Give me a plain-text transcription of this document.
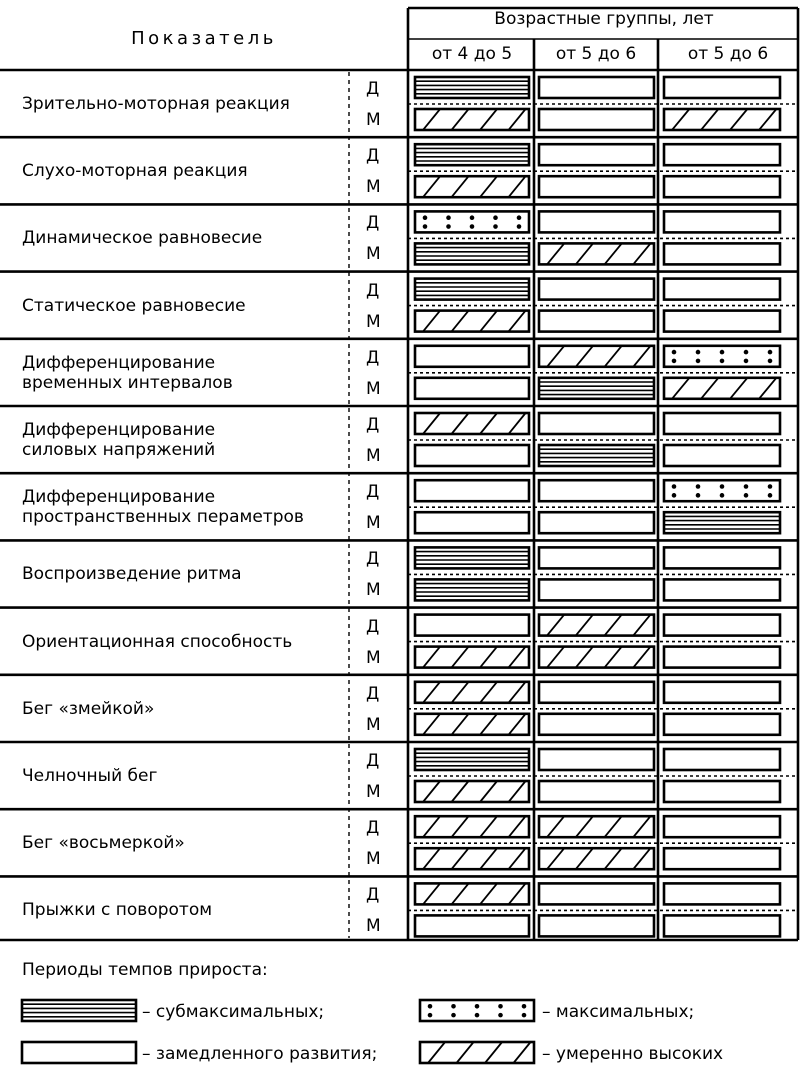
Показатель
Возрастные группы, лет
от 4 до 5	от 5 до 6	от 5 до 6
Зрительно-моторная реакция
Д
М
Слухо-моторная реакция
Д
М
Динамическое равновесие
Д
М
Статическое равновесие
Д
М
Дифференцирование
временных интервалов
Д
М
Дифференцирование
силовых напряжений
Д
М
Дифференцирование
пространственных пераметров
Д
М
Воспроизведение ритма
Д
М
Ориентационная способность
Д
М
Бег «змейкой»
Д
М
Челночный бег
Д
М
Бег «восьмеркой»
Д
М
Прыжки с поворотом
Д
М
Периоды темпов прироста:
– субмаксимальных;	– максимальных;
– замедленного развития;	– умеренно высоких
